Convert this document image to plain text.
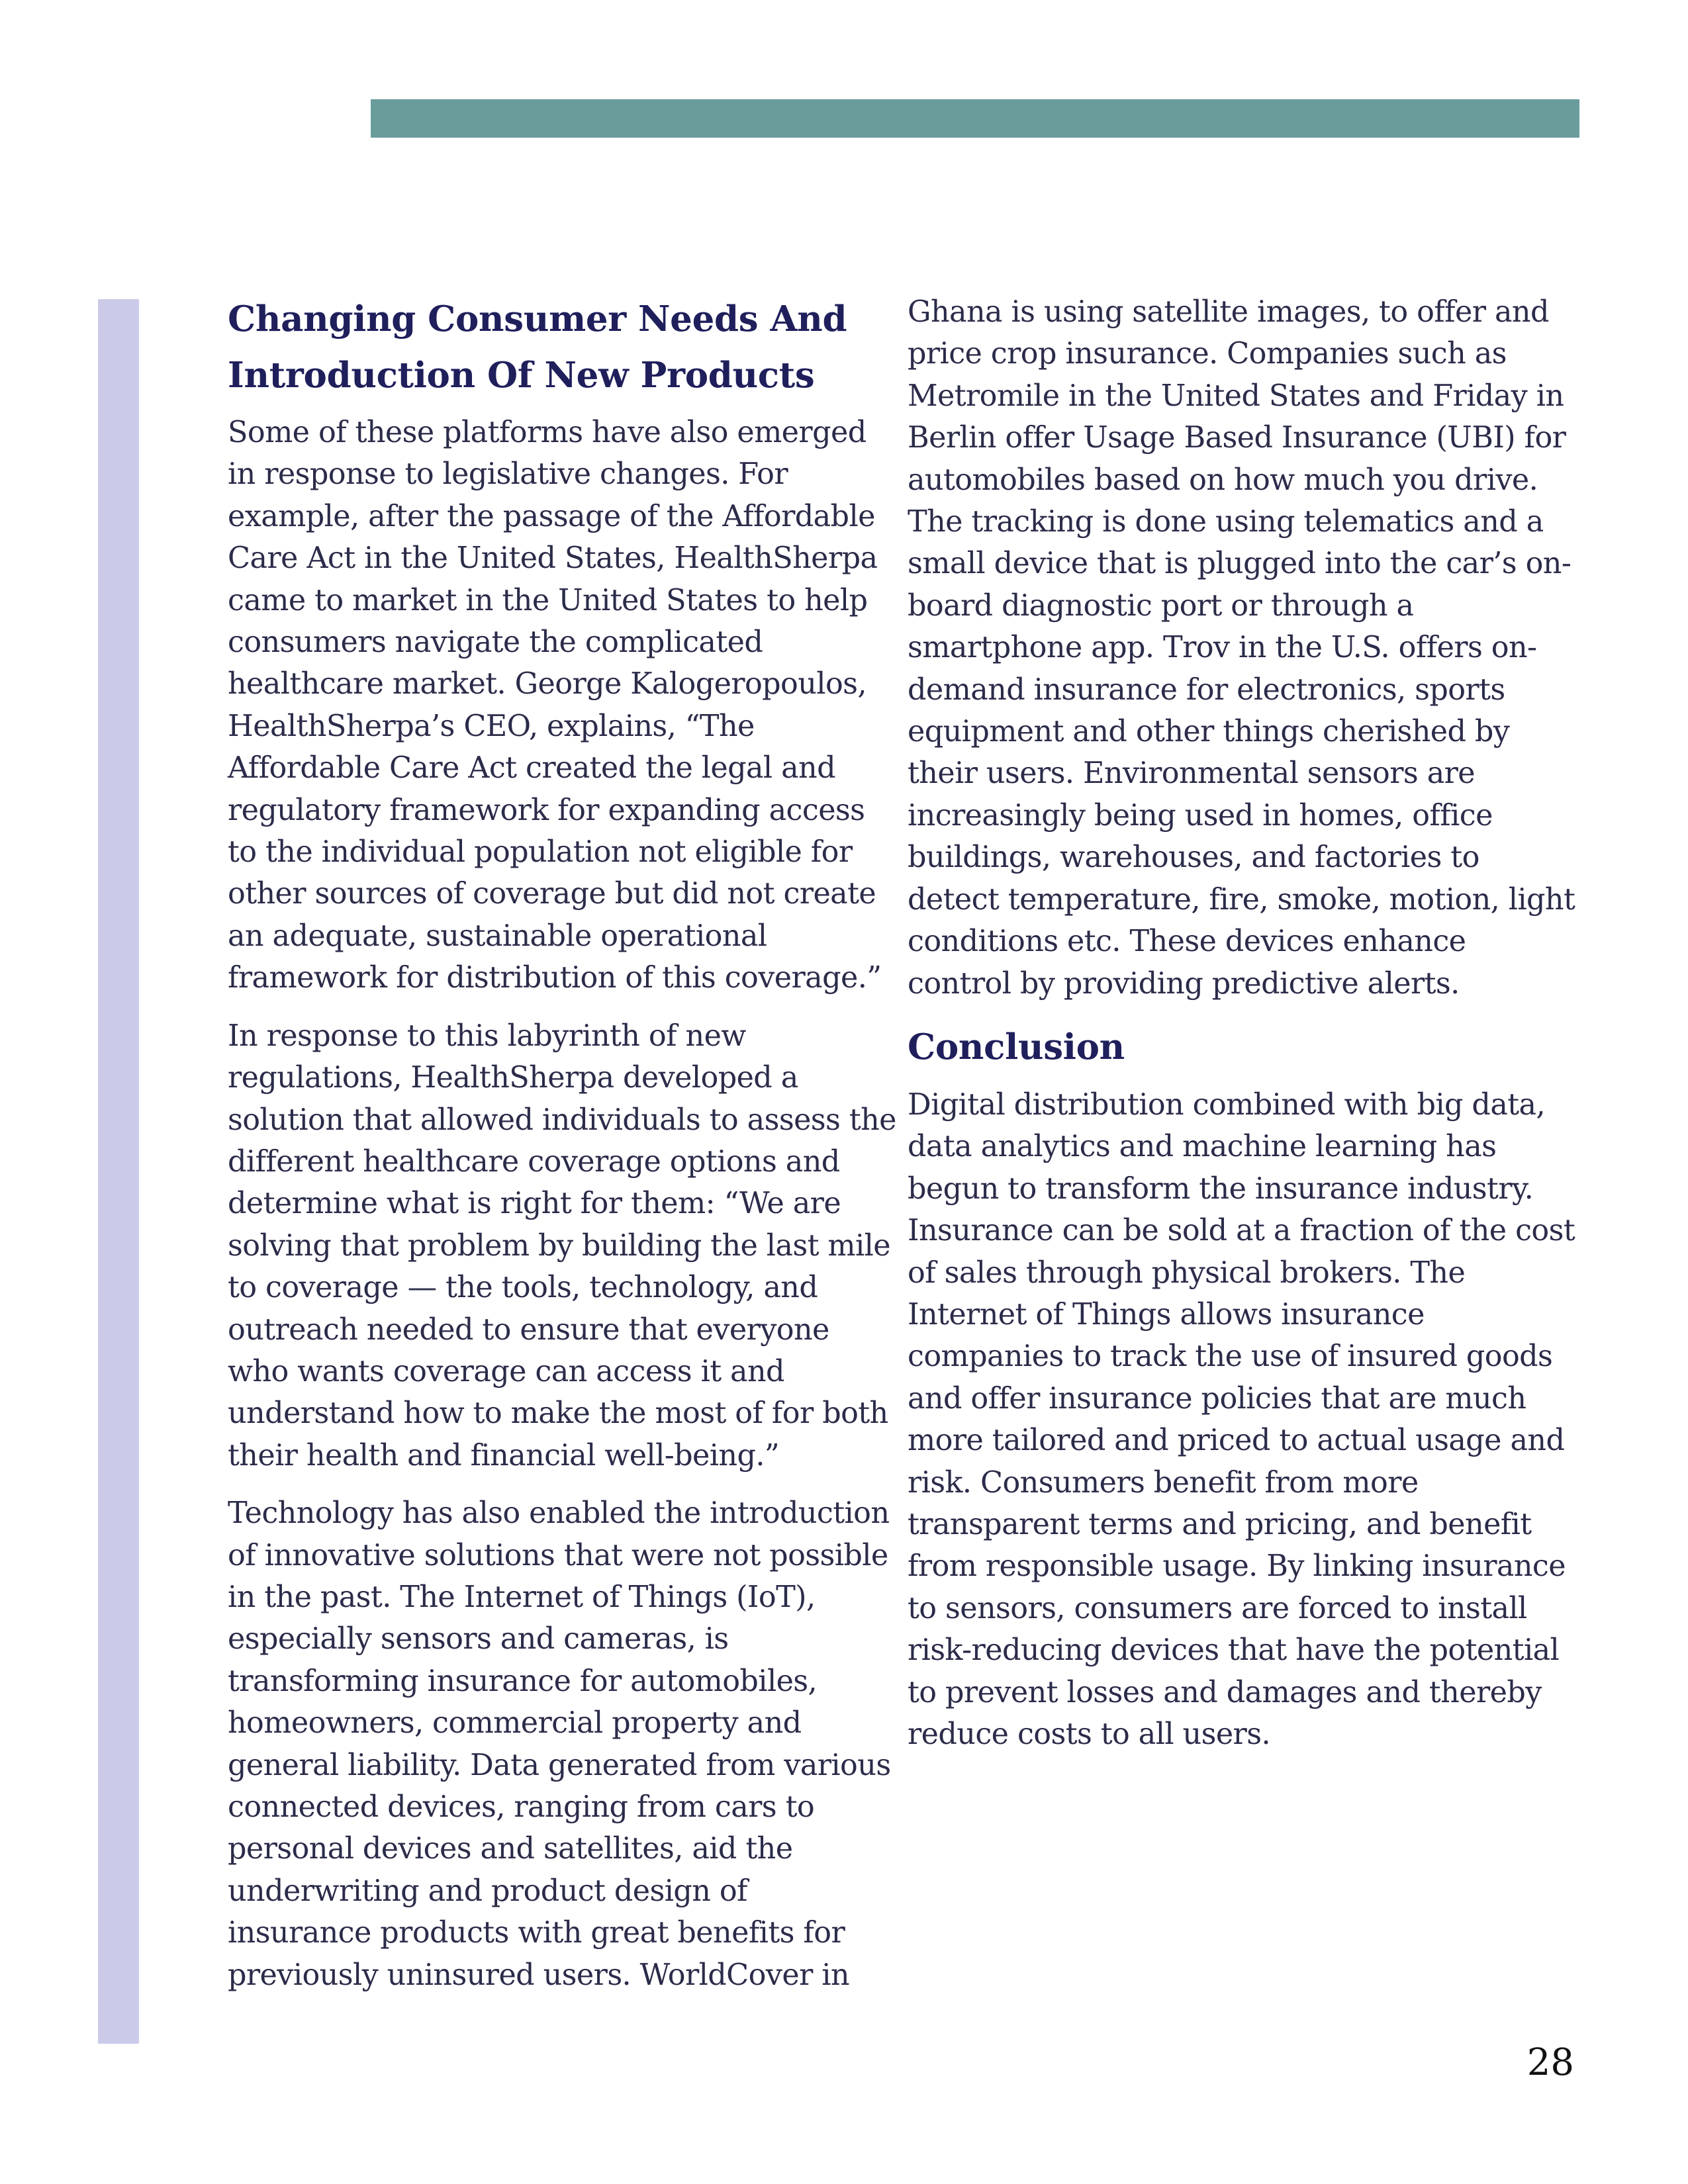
Changing Consumer Needs And Introduction Of New Products

Some of these platforms have also emerged in response to legislative changes. For example, after the passage of the Affordable Care Act in the United States, HealthSherpa came to market in the United States to help consumers navigate the complicated healthcare market. George Kalogeropoulos, HealthSherpa’s CEO, explains, “The Affordable Care Act created the legal and regulatory framework for expanding access to the individual population not eligible for other sources of coverage but did not create an adequate, sustainable operational framework for distribution of this coverage.”

In response to this labyrinth of new regulations, HealthSherpa developed a solution that allowed individuals to assess the different healthcare coverage options and determine what is right for them: “We are solving that problem by building the last mile to coverage — the tools, technology, and outreach needed to ensure that everyone who wants coverage can access it and understand how to make the most of for both their health and financial well-being.”

Technology has also enabled the introduction of innovative solutions that were not possible in the past. The Internet of Things (IoT), especially sensors and cameras, is transforming insurance for automobiles, homeowners, commercial property and general liability. Data generated from various connected devices, ranging from cars to personal devices and satellites, aid the underwriting and product design of insurance products with great benefits for previously uninsured users. WorldCover in

Ghana is using satellite images, to offer and price crop insurance. Companies such as Metromile in the United States and Friday in Berlin offer Usage Based Insurance (UBI) for automobiles based on how much you drive. The tracking is done using telematics and a small device that is plugged into the car’s on-board diagnostic port or through a smartphone app. Trov in the U.S. offers on-demand insurance for electronics, sports equipment and other things cherished by their users. Environmental sensors are increasingly being used in homes, office buildings, warehouses, and factories to detect temperature, fire, smoke, motion, light conditions etc. These devices enhance control by providing predictive alerts.

Conclusion

Digital distribution combined with big data, data analytics and machine learning has begun to transform the insurance industry. Insurance can be sold at a fraction of the cost of sales through physical brokers. The Internet of Things allows insurance companies to track the use of insured goods and offer insurance policies that are much more tailored and priced to actual usage and risk. Consumers benefit from more transparent terms and pricing, and benefit from responsible usage. By linking insurance to sensors, consumers are forced to install risk-reducing devices that have the potential to prevent losses and damages and thereby reduce costs to all users.

28
